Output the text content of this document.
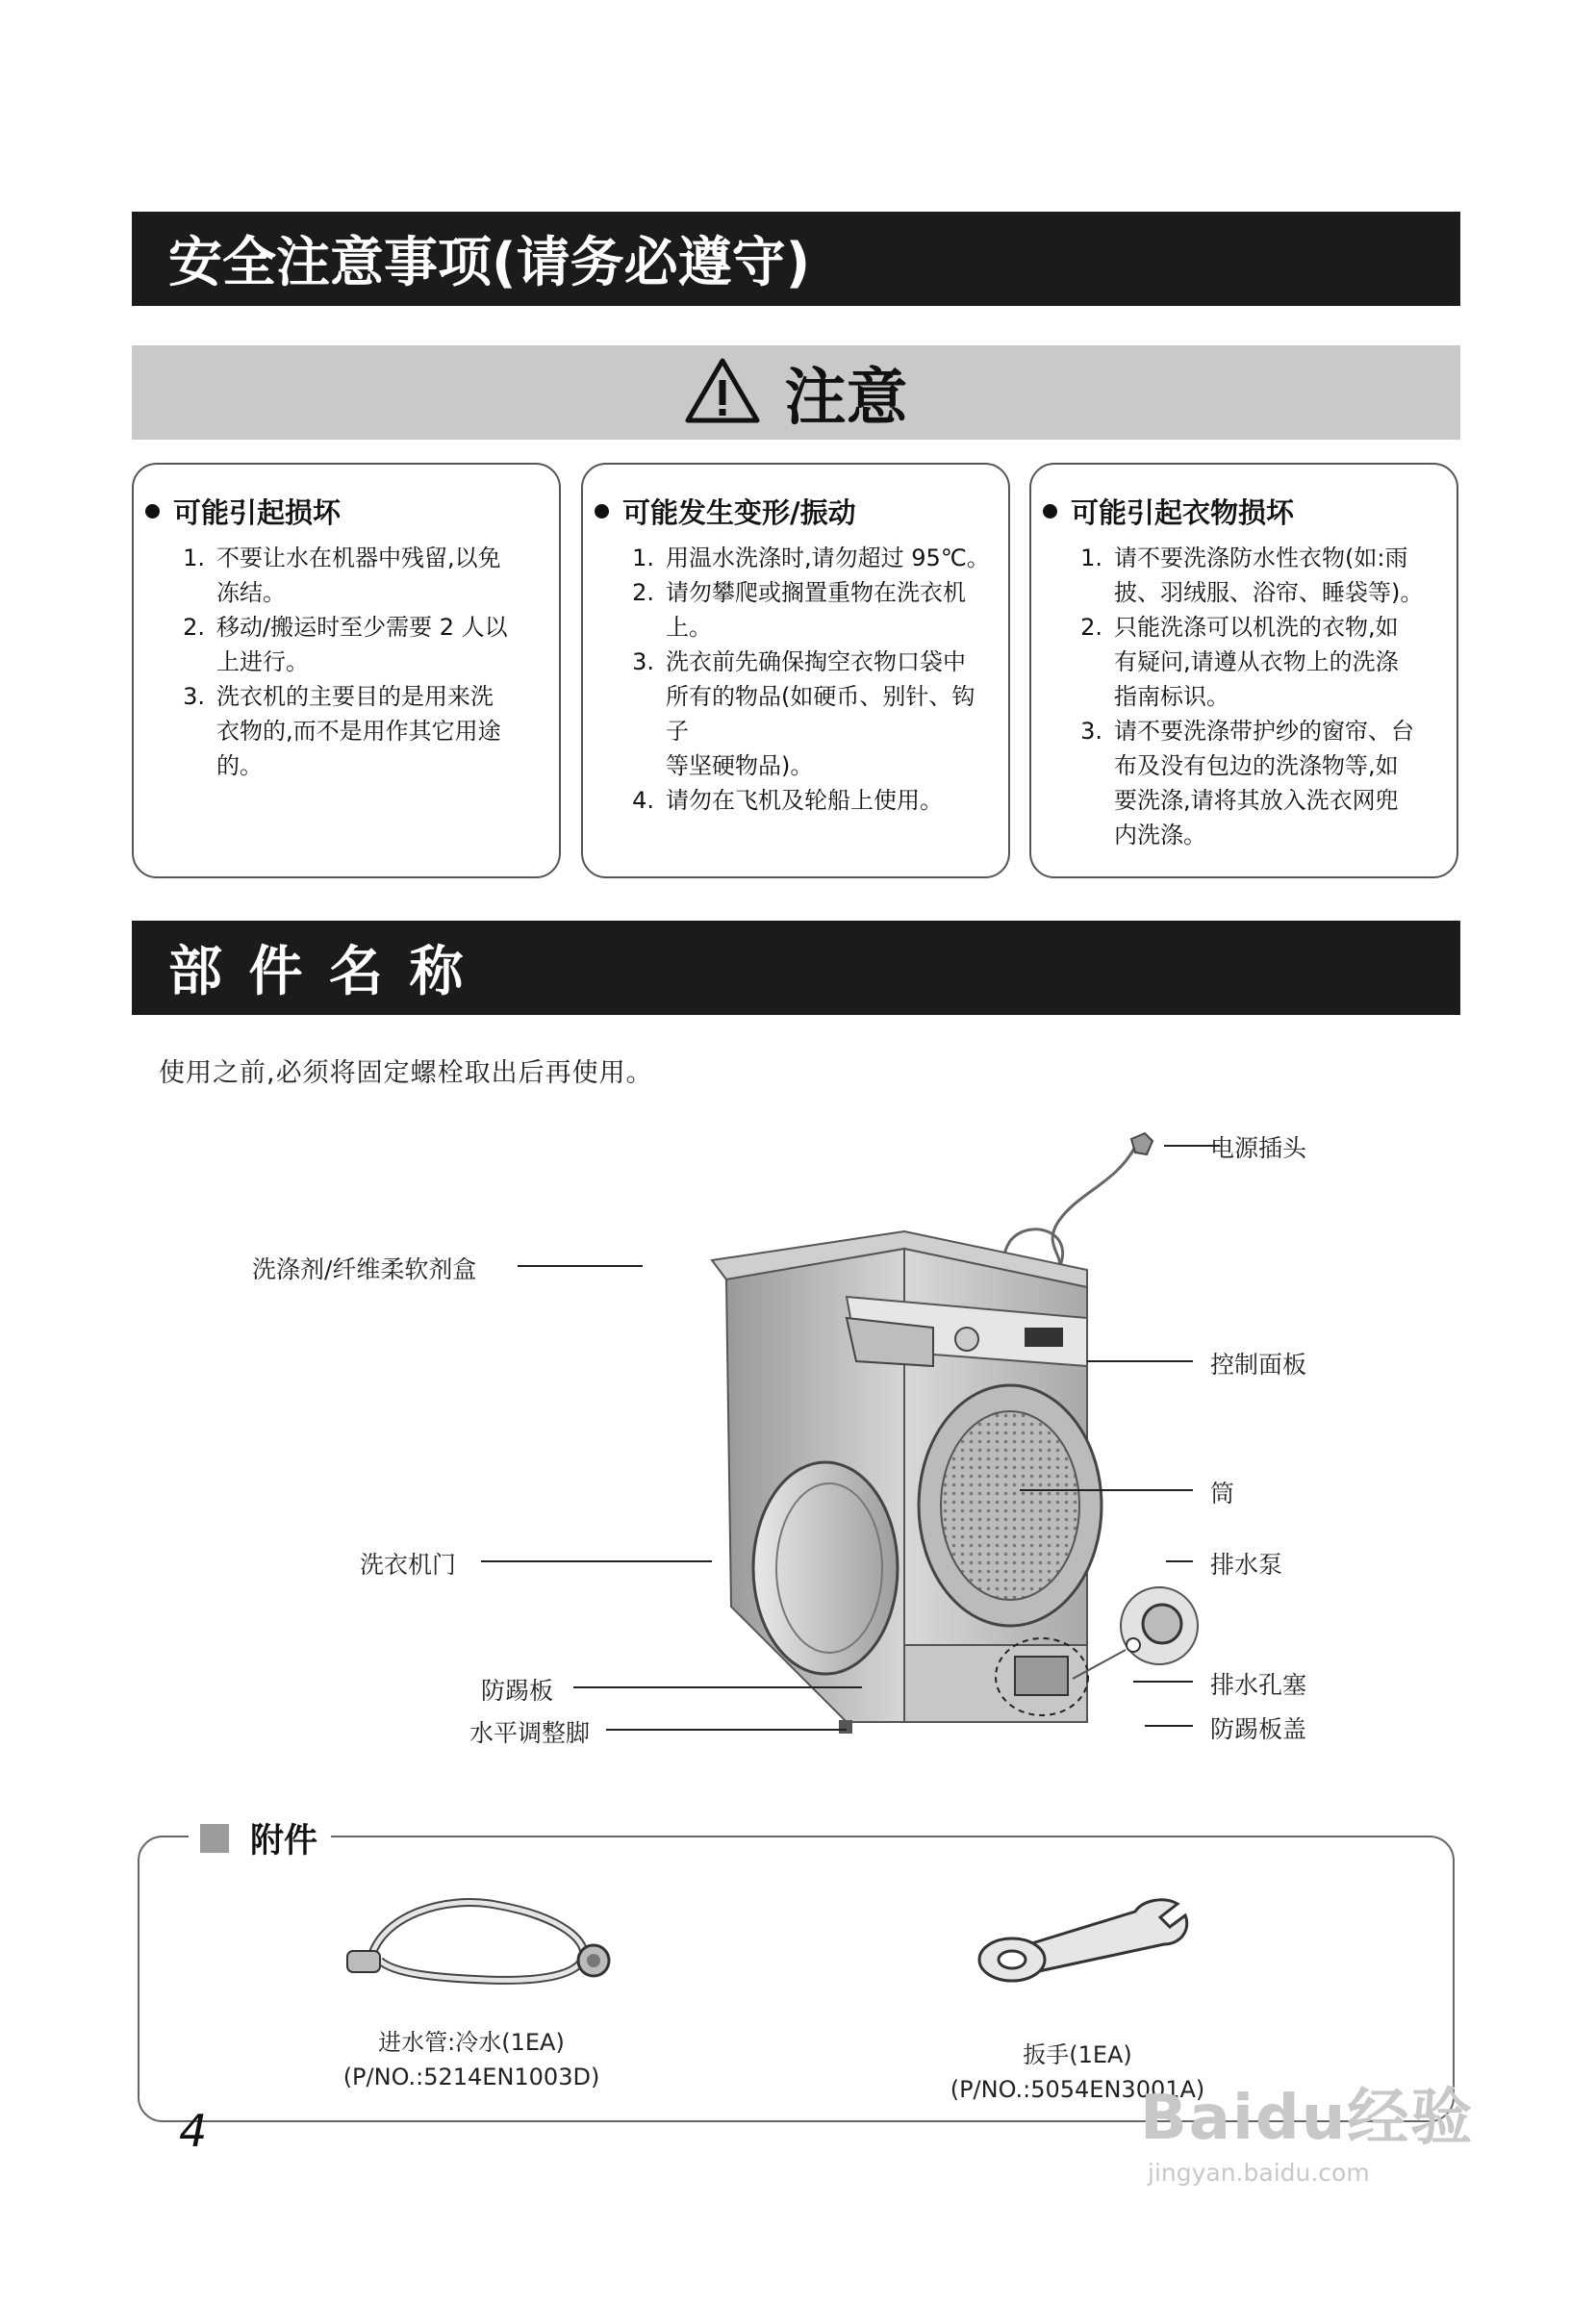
安全注意事项(请务必遵守)
注意
可能引起损坏
1. 不要让水在机器中残留,以免
冻结。
2. 移动/搬运时至少需要 2 人以
上进行。
3. 洗衣机的主要目的是用来洗
衣物的,而不是用作其它用途
的。
可能发生变形/振动
1. 用温水洗涤时,请勿超过 95℃。
2. 请勿攀爬或搁置重物在洗衣机
上。
3. 洗衣前先确保掏空衣物口袋中
所有的物品(如硬币、别针、钩子
等坚硬物品)。
4. 请勿在飞机及轮船上使用。
可能引起衣物损坏
1. 请不要洗涤防水性衣物(如:雨
披、羽绒服、浴帘、睡袋等)。
2. 只能洗涤可以机洗的衣物,如
有疑问,请遵从衣物上的洗涤
指南标识。
3. 请不要洗涤带护纱的窗帘、台
布及没有包边的洗涤物等,如
要洗涤,请将其放入洗衣网兜
内洗涤。
部 件 名 称
使用之前,必须将固定螺栓取出后再使用。
电源插头
洗涤剂/纤维柔软剂盒
控制面板
筒
洗衣机门	排水泵
防踢板	排水孔塞
水平调整脚	防踢板盖
附件
进水管:冷水(1EA)
(P/NO.:5214EN1003D)
扳手(1EA)
(P/NO.:5054EN3001A)
4	Baidu经验
jingyan.baidu.com
